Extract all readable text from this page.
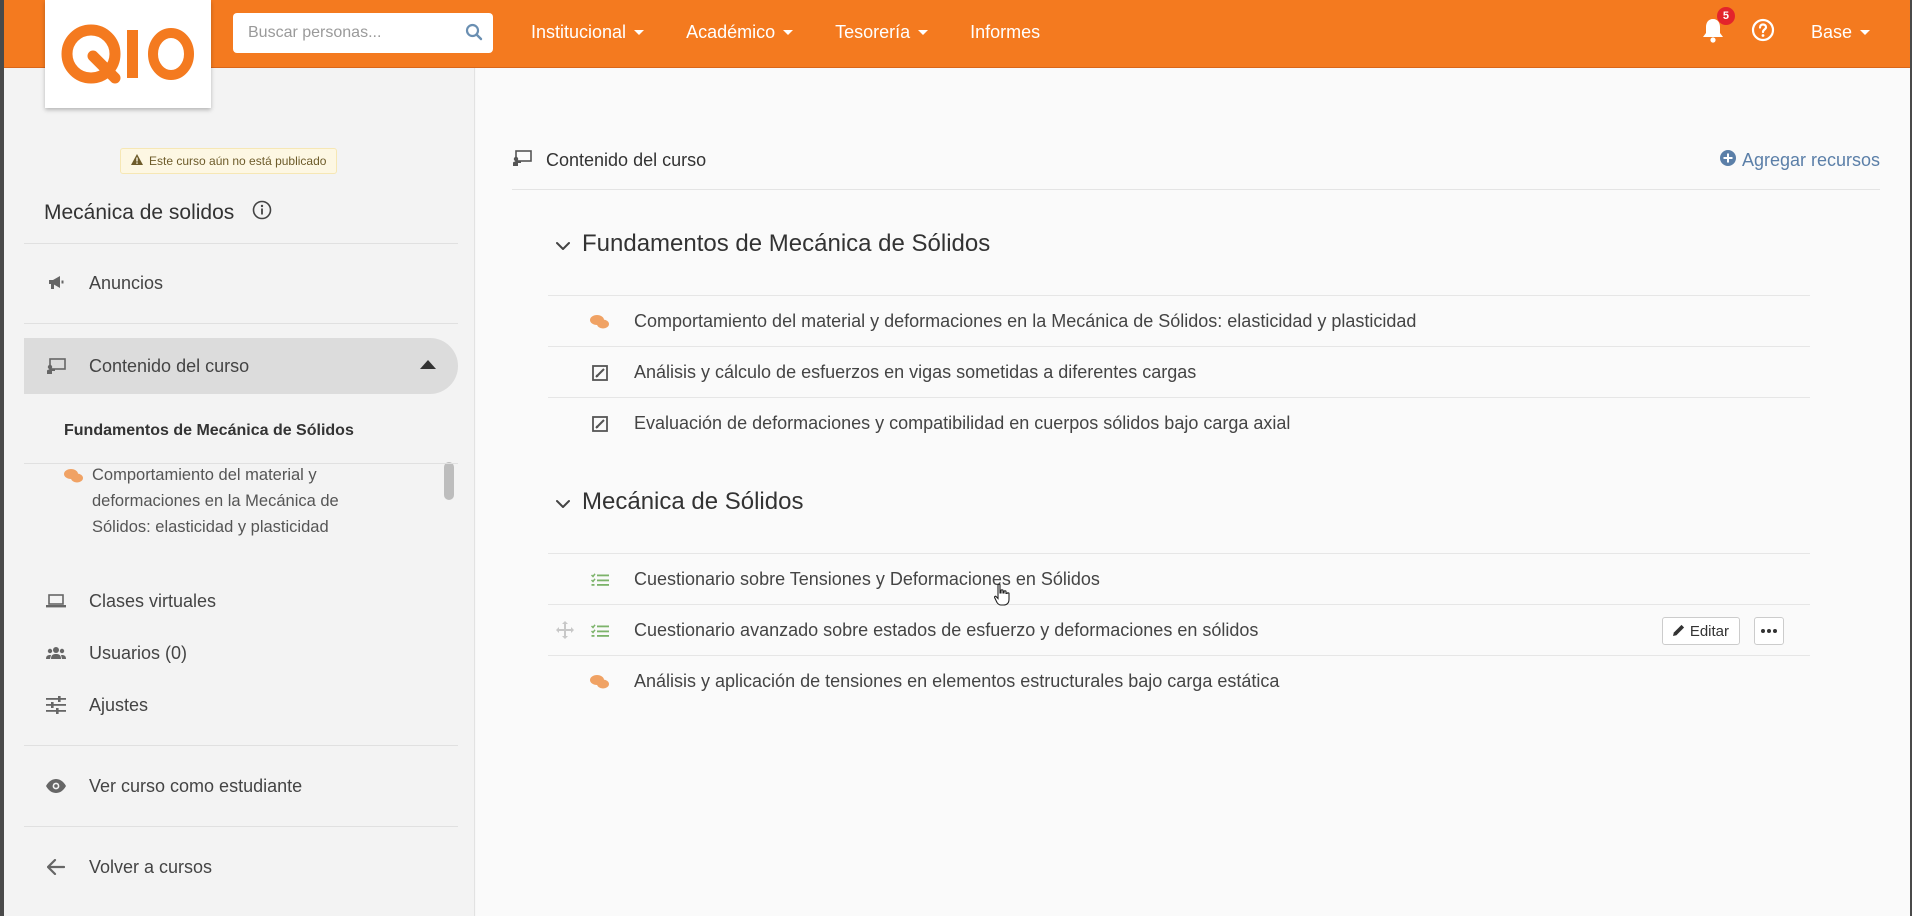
Buscar personas...
Institucional	Académico	Tesorería	Informes
5
Base
Este curso aún no está publicado
Mecánica de solidos
Anuncios
Contenido del curso
Fundamentos de Mecánica de Sólidos
Comportamiento del material y deformaciones en la Mecánica de Sólidos: elasticidad y plasticidad
Clases virtuales
Usuarios (0)
Ajustes
Ver curso como estudiante
Volver a cursos
Contenido del curso	Agregar recursos
Fundamentos de Mecánica de Sólidos
Comportamiento del material y deformaciones en la Mecánica de Sólidos: elasticidad y plasticidad
Análisis y cálculo de esfuerzos en vigas sometidas a diferentes cargas
Evaluación de deformaciones y compatibilidad en cuerpos sólidos bajo carga axial
Mecánica de Sólidos
Cuestionario sobre Tensiones y Deformaciones en Sólidos
Cuestionario avanzado sobre estados de esfuerzo y deformaciones en sólidos	Editar
Análisis y aplicación de tensiones en elementos estructurales bajo carga estática
